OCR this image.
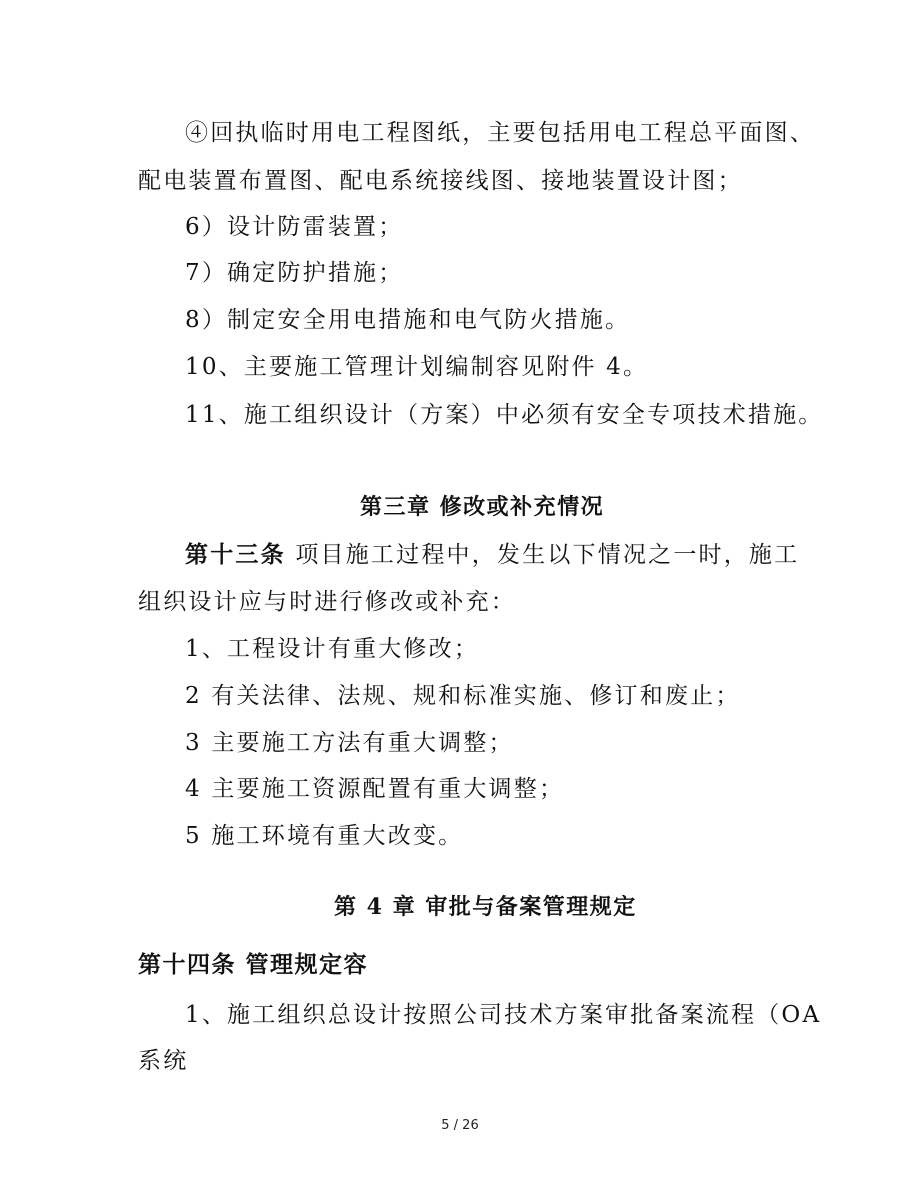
④回执临时用电工程图纸，主要包括用电工程总平面图、
配电装置布置图、配电系统接线图、接地装置设计图；
6）设计防雷装置；
7）确定防护措施；
8）制定安全用电措施和电气防火措施。
10、主要施工管理计划编制容见附件 4。
11、施工组织设计（方案）中必须有安全专项技术措施。
第三章 修改或补充情况
第十三条 项目施工过程中，发生以下情况之一时，施工
组织设计应与时进行修改或补充：
1、工程设计有重大修改；
2 有关法律、法规、规和标准实施、修订和废止；
3 主要施工方法有重大调整；
4 主要施工资源配置有重大调整；
5 施工环境有重大改变。
第 4 章 审批与备案管理规定
第十四条 管理规定容
1、施工组织总设计按照公司技术方案审批备案流程（OA
系统
5 / 26
